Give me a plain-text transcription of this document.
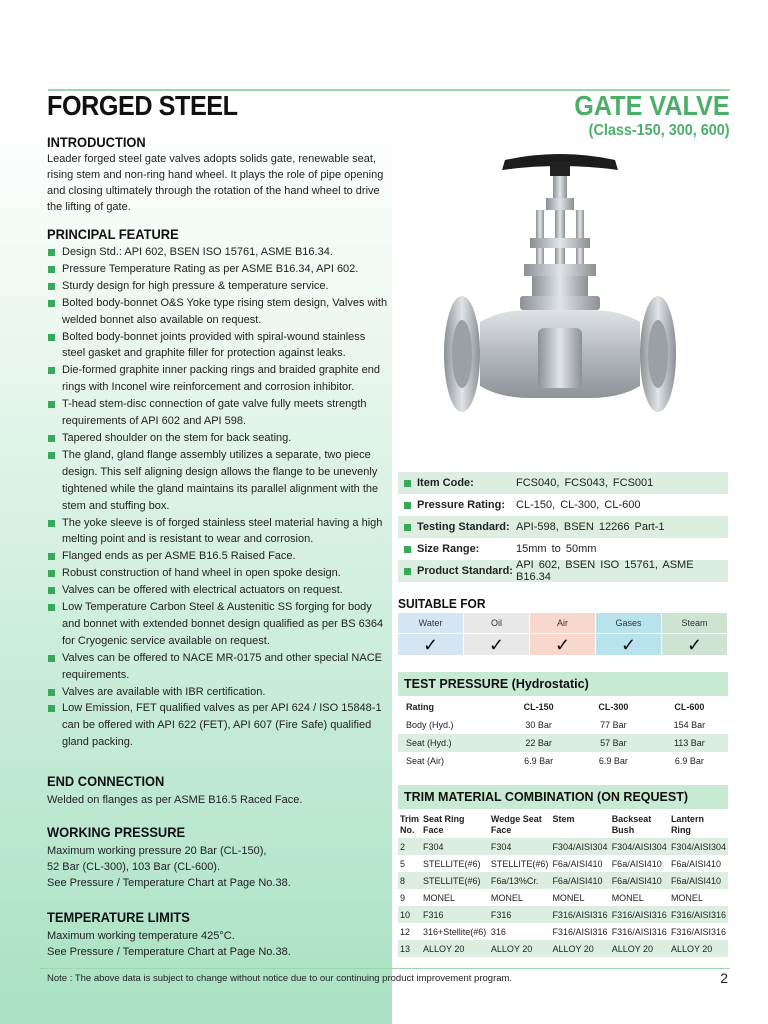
FORGED STEEL	GATE VALVE
(Class-150, 300, 600)
INTRODUCTION
Leader forged steel gate valves adopts solids gate, renewable seat, rising stem and non-ring hand wheel. It plays the role of pipe opening and closing ultimately through the rotation of the hand wheel to drive the lifting of gate.
PRINCIPAL FEATURE
Design Std.: API 602, BSEN ISO 15761, ASME B16.34.
Pressure Temperature Rating as per ASME B16.34, API 602.
Sturdy design for high pressure & temperature service.
Bolted body-bonnet O&S Yoke type rising stem design, Valves with welded bonnet also available on request.
Bolted body-bonnet joints provided with spiral-wound stainless steel gasket and graphite filler for protection against leaks.
Die-formed graphite inner packing rings and braided graphite end rings with Inconel wire reinforcement and corrosion inhibitor.
T-head stem-disc connection of gate valve fully meets strength requirements of API 602 and API 598.
Tapered shoulder on the stem for back seating.
The gland, gland flange assembly utilizes a separate, two piece design. This self aligning design allows the flange to be unevenly tightened while the gland maintains its parallel alignment with the stem and stuffing box.
The yoke sleeve is of forged stainless steel material having a high melting point and is resistant to wear and corrosion.
Flanged ends as per ASME B16.5 Raised Face.
Robust construction of hand wheel in open spoke design.
Valves can be offered with electrical actuators on request.
Low Temperature Carbon Steel & Austenitic SS forging for body and bonnet with extended bonnet design qualified as per BS 6364 for Cryogenic service available on request.
Valves can be offered to NACE MR-0175 and other special NACE requirements.
Valves are available with IBR certification.
Low Emission, FET qualified valves as per API 624 / ISO 15848-1 can be offered with API 622 (FET), API 607 (Fire Safe) qualified gland packing.
END CONNECTION
Welded on flanges as per ASME B16.5 Raced Face.
WORKING PRESSURE
Maximum working pressure 20 Bar (CL-150),
52 Bar (CL-300), 103 Bar (CL-600).
See Pressure / Temperature Chart at Page No.38.
TEMPERATURE LIMITS
Maximum working temperature 425°C.
See Pressure / Temperature Chart at Page No.38.
Item Code:	FCS040, FCS043, FCS001
Pressure Rating: CL-150, CL-300, CL-600
Testing Standard: API-598, BSEN 12266 Part-1
Size Range:	15mm to 50mm
Product Standard: API 602, BSEN ISO 15761, ASME B16.34
SUITABLE FOR
Water	Oil	Air	Gases	Steam
✓	✓	✓	✓	✓
TEST PRESSURE (Hydrostatic)
Rating	CL-150	CL-300	CL-600
Body (Hyd.)	30 Bar	77 Bar	154 Bar
Seat (Hyd.)	22 Bar	57 Bar	113 Bar
Seat (Air)	6.9 Bar	6.9 Bar	6.9 Bar
TRIM MATERIAL COMBINATION (ON REQUEST)
Trim No.	Seat Ring Face	Wedge Seat Face	Stem	Backseat Bush	Lantern Ring
2	F304	F304	F304/AISI304	F304/AISI304	F304/AISI304
5	STELLITE(#6)	STELLITE(#6)	F6a/AISI410	F6a/AISI410	F6a/AISI410
8	STELLITE(#6)	F6a/13%Cr.	F6a/AISI410	F6a/AISI410	F6a/AISI410
9	MONEL	MONEL	MONEL	MONEL	MONEL
10	F316	F316	F316/AISI316	F316/AISI316	F316/AISI316
12	316+Stellite(#6)	316	F316/AISI316	F316/AISI316	F316/AISI316
13	ALLOY 20	ALLOY 20	ALLOY 20	ALLOY 20	ALLOY 20
Note : The above data is subject to change without notice due to our continuing product improvement program.	2
